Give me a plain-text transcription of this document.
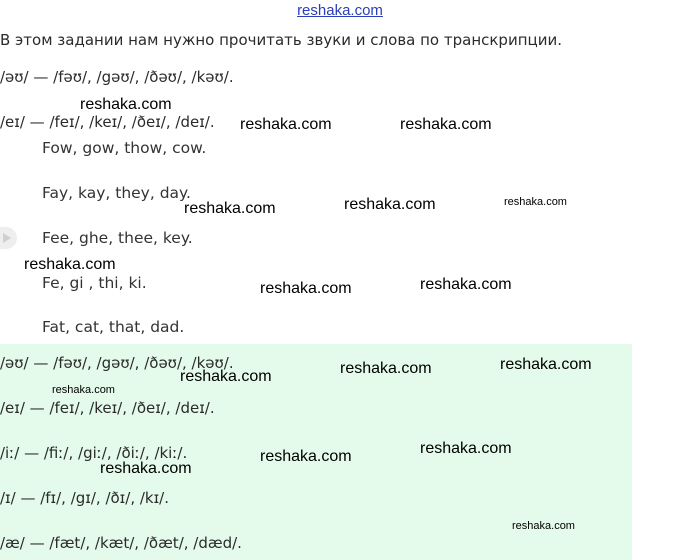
reshaka.com
В этом задании нам нужно прочитать звуки и слова по транскрипции.
/əʊ/ — /fəʊ/, /gəʊ/, /ðəʊ/, /kəʊ/.
/eɪ/ — /feɪ/, /keɪ/, /ðeɪ/, /deɪ/.
Fow, gow, thow, cow.
Fay, kay, they, day.
Fee, ghe, thee, key.
Fe, gi , thi, ki.
Fat, cat, that, dad.
/əʊ/ — /fəʊ/, /gəʊ/, /ðəʊ/, /kəʊ/.
/eɪ/ — /feɪ/, /keɪ/, /ðeɪ/, /deɪ/.
/iː/ — /fiː/, /giː/, /ðiː/, /kiː/.
/ɪ/ — /fɪ/, /gɪ/, /ðɪ/, /kɪ/.
/æ/ — /fæt/, /kæt/, /ðæt/, /dæd/.
reshaka.com
reshaka.com	reshaka.com
reshaka.com	reshaka.com	reshaka.com
reshaka.com
reshaka.com	reshaka.com
reshaka.com	reshaka.com
reshaka.com
reshaka.com
reshaka.com
reshaka.com
reshaka.com
reshaka.com
